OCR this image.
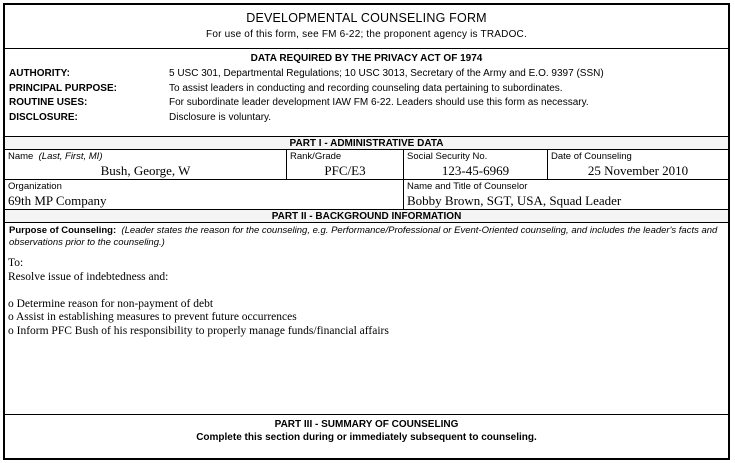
DEVELOPMENTAL COUNSELING FORM
For use of this form, see FM 6-22; the proponent agency is TRADOC.
DATA REQUIRED BY THE PRIVACY ACT OF 1974
AUTHORITY:	5 USC 301, Departmental Regulations; 10 USC 3013, Secretary of the Army and E.O. 9397 (SSN)
PRINCIPAL PURPOSE:	To assist leaders in conducting and recording counseling data pertaining to subordinates.
ROUTINE USES:	For subordinate leader development IAW FM 6-22. Leaders should use this form as necessary.
DISCLOSURE:	Disclosure is voluntary.
PART I - ADMINISTRATIVE DATA
Name (Last, First, MI)
Bush, George, W
Rank/Grade
PFC/E3
Social Security No.
123-45-6969
Date of Counseling
25 November 2010
Organization
69th MP Company
Name and Title of Counselor
Bobby Brown, SGT, USA, Squad Leader
PART II - BACKGROUND INFORMATION
Purpose of Counseling: (Leader states the reason for the counseling, e.g. Performance/Professional or Event-Oriented counseling, and includes the leader's facts and observations prior to the counseling.)
To:
Resolve issue of indebtedness and:
o Determine reason for non-payment of debt
o Assist in establishing measures to prevent future occurrences
o Inform PFC Bush of his responsibility to properly manage funds/financial affairs
PART III - SUMMARY OF COUNSELING
Complete this section during or immediately subsequent to counseling.
